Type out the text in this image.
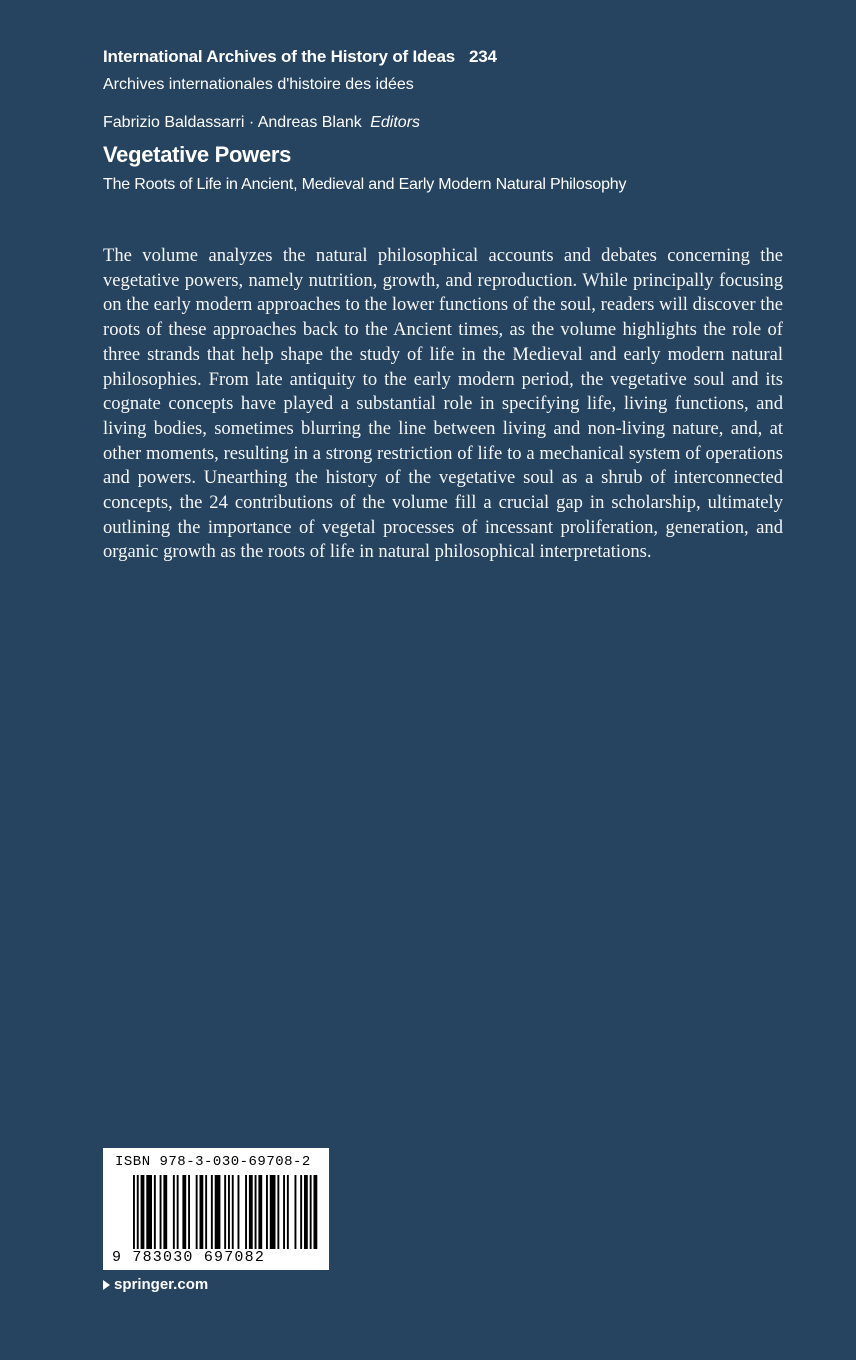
International Archives of the History of Ideas 234
Archives internationales d'histoire des idées
Fabrizio Baldassarri · Andreas Blank Editors
Vegetative Powers
The Roots of Life in Ancient, Medieval and Early Modern Natural Philosophy

The volume analyzes the natural philosophical accounts and debates concerning the vegetative powers, namely nutrition, growth, and reproduction. While principally focusing on the early modern approaches to the lower functions of the soul, readers will discover the roots of these approaches back to the Ancient times, as the volume highlights the role of three strands that help shape the study of life in the Medieval and early modern natural philosophies. From late antiquity to the early modern period, the vegetative soul and its cognate concepts have played a substantial role in specifying life, living functions, and living bodies, sometimes blurring the line between living and non-living nature, and, at other moments, resulting in a strong restriction of life to a mechanical system of operations and powers. Unearthing the history of the vegetative soul as a shrub of interconnected concepts, the 24 contributions of the volume fill a crucial gap in scholarship, ultimately outlining the importance of vegetal processes of incessant proliferation, generation, and organic growth as the roots of life in natural philosophical interpretations.

ISBN 978-3-030-69708-2
9 783030 697082
springer.com
